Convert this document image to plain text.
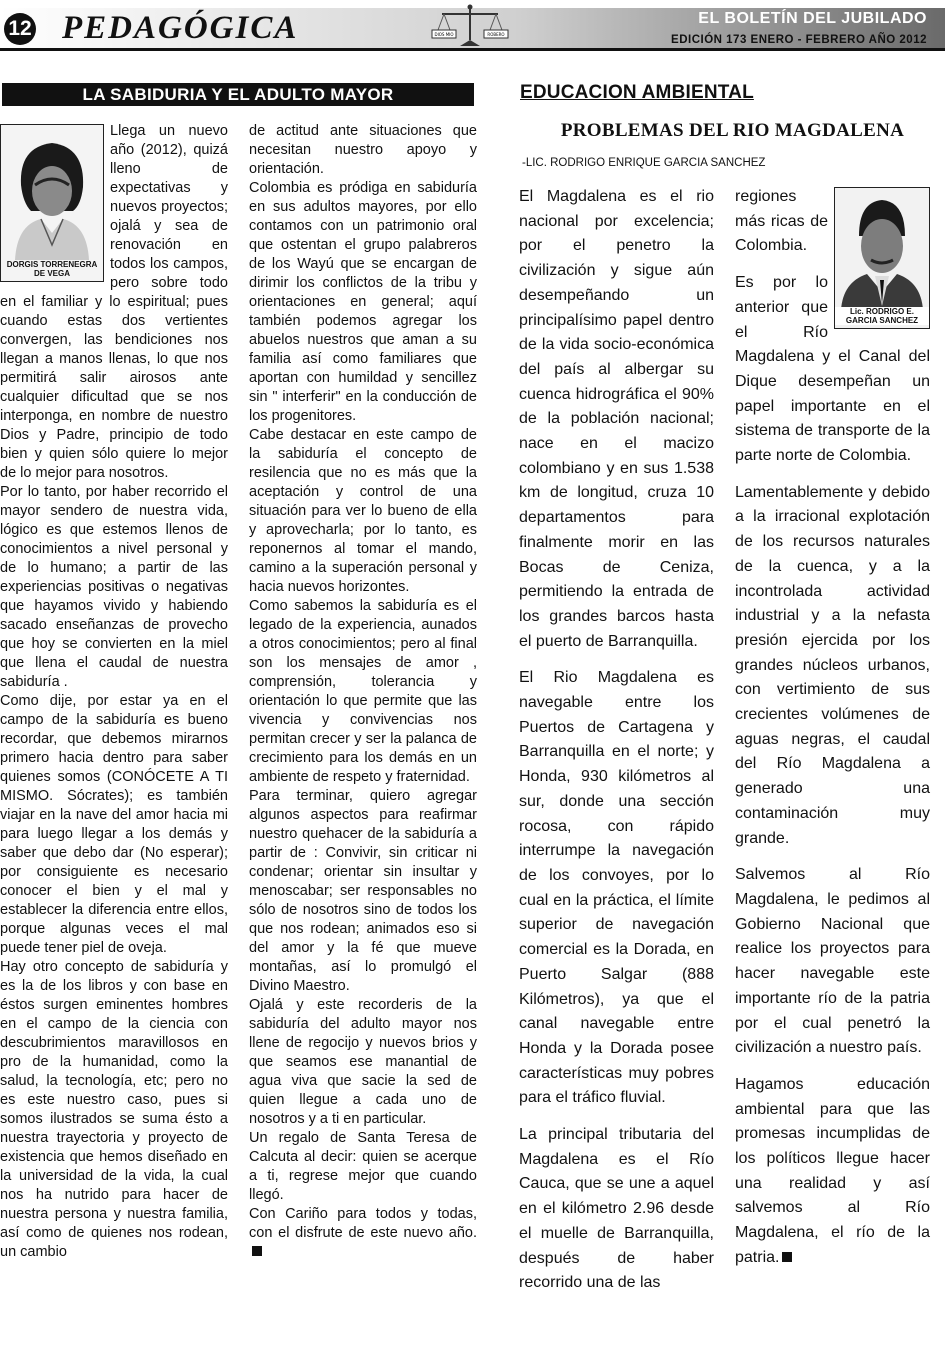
12 PEDAGÓGICA	DIOS MIO	ROBERO
EL BOLETÍN DEL JUBILADO
EDICIÓN 173 ENERO - FEBRERO AÑO 2012
LA SABIDURIA Y EL ADULTO MAYOR
DORGIS TORRENEGRA DE VEGA

Llega un nuevo año (2012), quizá lleno de expectativas y nuevos proyectos; ojalá y sea de renovación en todos los campos, pero sobre todo en el familiar y lo espiritual; pues cuando estas dos vertientes convergen, las bendiciones nos llegan a manos llenas, lo que nos permitirá salir airosos ante cualquier dificultad que se nos interponga, en nombre de nuestro Dios y Padre, principio de todo bien y quien sólo quiere lo mejor de lo mejor para nosotros.

Por lo tanto, por haber recorrido el mayor sendero de nuestra vida, lógico es que estemos llenos de conocimientos a nivel personal y de lo humano; a partir de las experiencias positivas o negativas que hayamos vivido y habiendo sacado enseñanzas de provecho que hoy se convierten en la miel que llena el caudal de nuestra sabiduría .

Como dije, por estar ya en el campo de la sabiduría es bueno recordar, que debemos mirarnos primero hacia dentro para saber quienes somos (CONÓCETE A TI MISMO. Sócrates); es también viajar en la nave del amor hacia mi para luego llegar a los demás y saber que debo dar (No esperar); por consiguiente es necesario conocer el bien y el mal y establecer la diferencia entre ellos, porque algunas veces el mal puede tener piel de oveja.

Hay otro concepto de sabiduría y es la de los libros y con base en éstos surgen eminentes hombres en el campo de la ciencia con descubrimientos maravillosos en pro de la humanidad, como la salud, la tecnología, etc; pero no es este nuestro caso, pues si somos ilustrados se suma ésto a nuestra trayectoria y proyecto de existencia que hemos diseñado en la universidad de la vida, la cual nos ha nutrido para hacer de nuestra persona y nuestra familia, así como de quienes nos rodean, un cambio

de actitud ante situaciones que necesitan nuestro apoyo y orientación.

Colombia es pródiga en sabiduría en sus adultos mayores, por ello contamos con un patrimonio oral que ostentan el grupo palabreros de los Wayú que se encargan de dirimir los conflictos de la tribu y orientaciones en general; aquí también podemos agregar los abuelos nuestros que aman a su familia así como familiares que aportan con humildad y sencillez sin " interferir" en la conducción de los progenitores.

Cabe destacar en este campo de la sabiduría el concepto de resilencia que no es más que la aceptación y control de una situación para ver lo bueno de ella y aprovecharla; por lo tanto, es reponernos al tomar el mando, camino a la superación personal y hacia nuevos horizontes.

Como sabemos la sabiduría es el legado de la experiencia, aunados a otros conocimientos; pero al final son los mensajes de amor , comprensión, tolerancia y orientación lo que permite que las vivencia y convivencias nos permitan crecer y ser la palanca de crecimiento para los demás en un ambiente de respeto y fraternidad.

Para terminar, quiero agregar algunos aspectos para reafirmar nuestro quehacer de la sabiduría a partir de : Convivir, sin criticar ni condenar; orientar sin insultar y menoscabar; ser responsables no sólo de nosotros sino de todos los que nos rodean; animados eso si del amor y la fé que mueve montañas, así lo promulgó el Divino Maestro.

Ojalá y este recorderis de la sabiduría del adulto mayor nos llene de regocijo y nuevos brios y que seamos ese manantial de agua viva que sacie la sed de quien llegue a cada uno de nosotros y a ti en particular.

Un regalo de Santa Teresa de Calcuta al decir: quien se acerque a ti, regrese mejor que cuando llegó.

Con Cariño para todos y todas, con el disfrute de este nuevo año.

EDUCACION AMBIENTAL
PROBLEMAS DEL RIO MAGDALENA
-LIC. RODRIGO ENRIQUE GARCIA SANCHEZ

El Magdalena es el rio nacional por excelencia; por el penetro la civilización y sigue aún desempeñando un principalísimo papel dentro de la vida socio-económica del país al albergar su cuenca hidrográfica el 90% de la población nacional; nace en el macizo colombiano y en sus 1.538 km de longitud, cruza 10 departamentos para finalmente morir en las Bocas de Ceniza, permitiendo la entrada de los grandes barcos hasta el puerto de Barranquilla.

El Rio Magdalena es navegable entre los Puertos de Cartagena y Barranquilla en el norte; y Honda, 930 kilómetros al sur, donde una sección rocosa, con rápido interrumpe la navegación de los convoyes, por lo cual en la práctica, el límite superior de navegación comercial es la Dorada, en Puerto Salgar (888 Kilómetros), ya que el canal navegable entre Honda y la Dorada posee características muy pobres para el tráfico fluvial.

La principal tributaria del Magdalena es el Río Cauca, que se une a aquel en el kilómetro 2.96 desde el muelle de Barranquilla, después de haber recorrido una de las

Lic. RODRIGO E. GARCIA SANCHEZ

regiones más ricas de Colombia.

Es por lo anterior que el Río Magdalena y el Canal del Dique desempeñan un papel importante en el sistema de transporte de la parte norte de Colombia.

Lamentablemente y debido a la irracional explotación de los recursos naturales de la cuenca, y a la incontrolada actividad industrial y a la nefasta presión ejercida por los grandes núcleos urbanos, con vertimiento de sus crecientes volúmenes de aguas negras, el caudal del Río Magdalena a generado una contaminación muy grande.

Salvemos al Río Magdalena, le pedimos al Gobierno Nacional que realice los proyectos para hacer navegable este importante río de la patria por el cual penetró la civilización a nuestro país.

Hagamos educación ambiental para que las promesas incumplidas de los políticos llegue hacer una realidad y así salvemos al Río Magdalena, el río de la patria.
